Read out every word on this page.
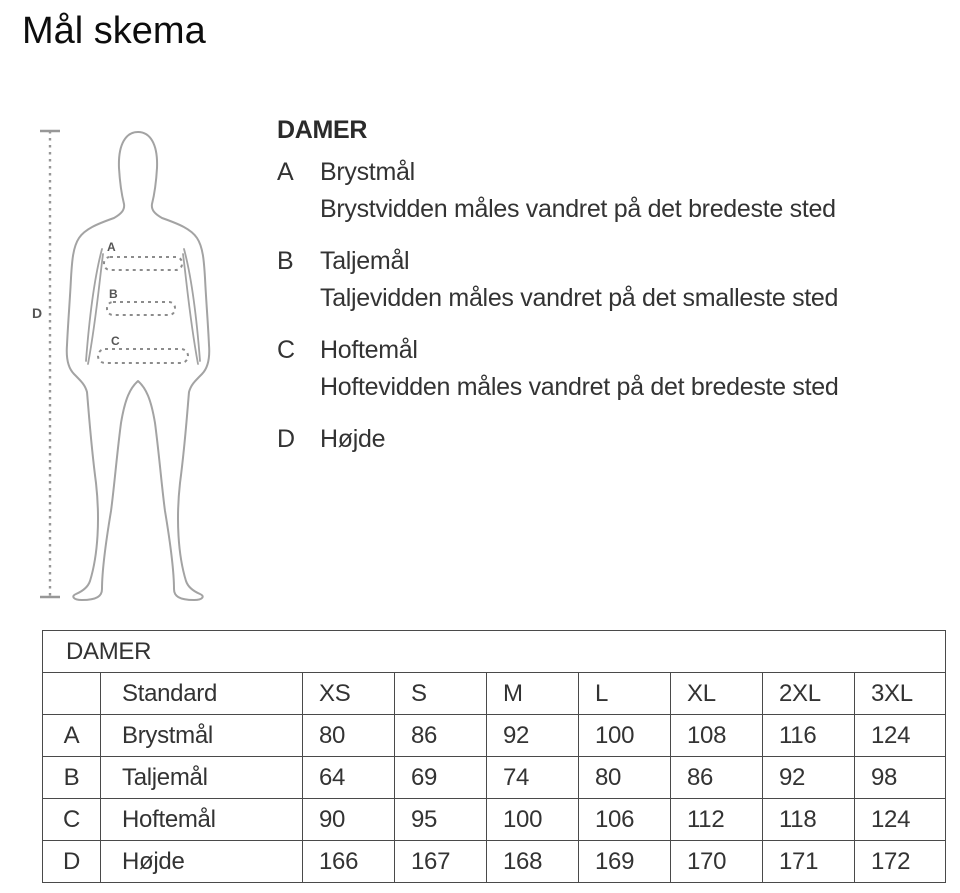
Mål skema
A
B
C
D
DAMER
A	Brystmål
Brystvidden måles vandret på det bredeste sted
B	Taljemål
Taljevidden måles vandret på det smalleste sted
C	Hoftemål
Hoftevidden måles vandret på det bredeste sted
D	Højde
DAMER								
	Standard	XS	S	M	L	XL	2XL	3XL
A	Brystmål	80	86	92	100	108	116	124
B	Taljemål	64	69	74	80	86	92	98
C	Hoftemål	90	95	100	106	112	118	124
D	Højde	166	167	168	169	170	171	172
